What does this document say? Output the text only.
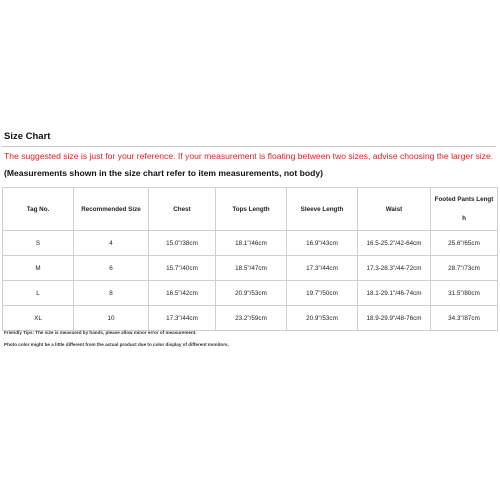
Size Chart
The suggested size is just for your reference. If your measurement is floating between two sizes, advise choosing the larger size.
(Measurements shown in the size chart refer to item measurements, not body)
Tag No.	Recommended Size	Chest	Tops Length	Sleeve Length	Waist	Footed Pants Lengt
h
S	4	15.0"/38cm	18.1"/46cm	16.9"/43cm	16.5-25.2"/42-64cm	25.6"/65cm
M	6	15.7"/40cm	18.5"/47cm	17.3"/44cm	17.3-28.3"/44-72cm	28.7"/73cm
L	8	16.5"/42cm	20.9"/53cm	19.7"/50cm	18.1-29.1"/46-74cm	31.5"/80cm
XL	10	17.3"/44cm	23.2"/59cm	20.9"/53cm	18.9-29.9"/48-76cm	34.3"/87cm
Friendly Tips: The size is measured by hands, please allow minor error of measurement.
Photo color might be a little different from the actual product due to color display of different monitors.
